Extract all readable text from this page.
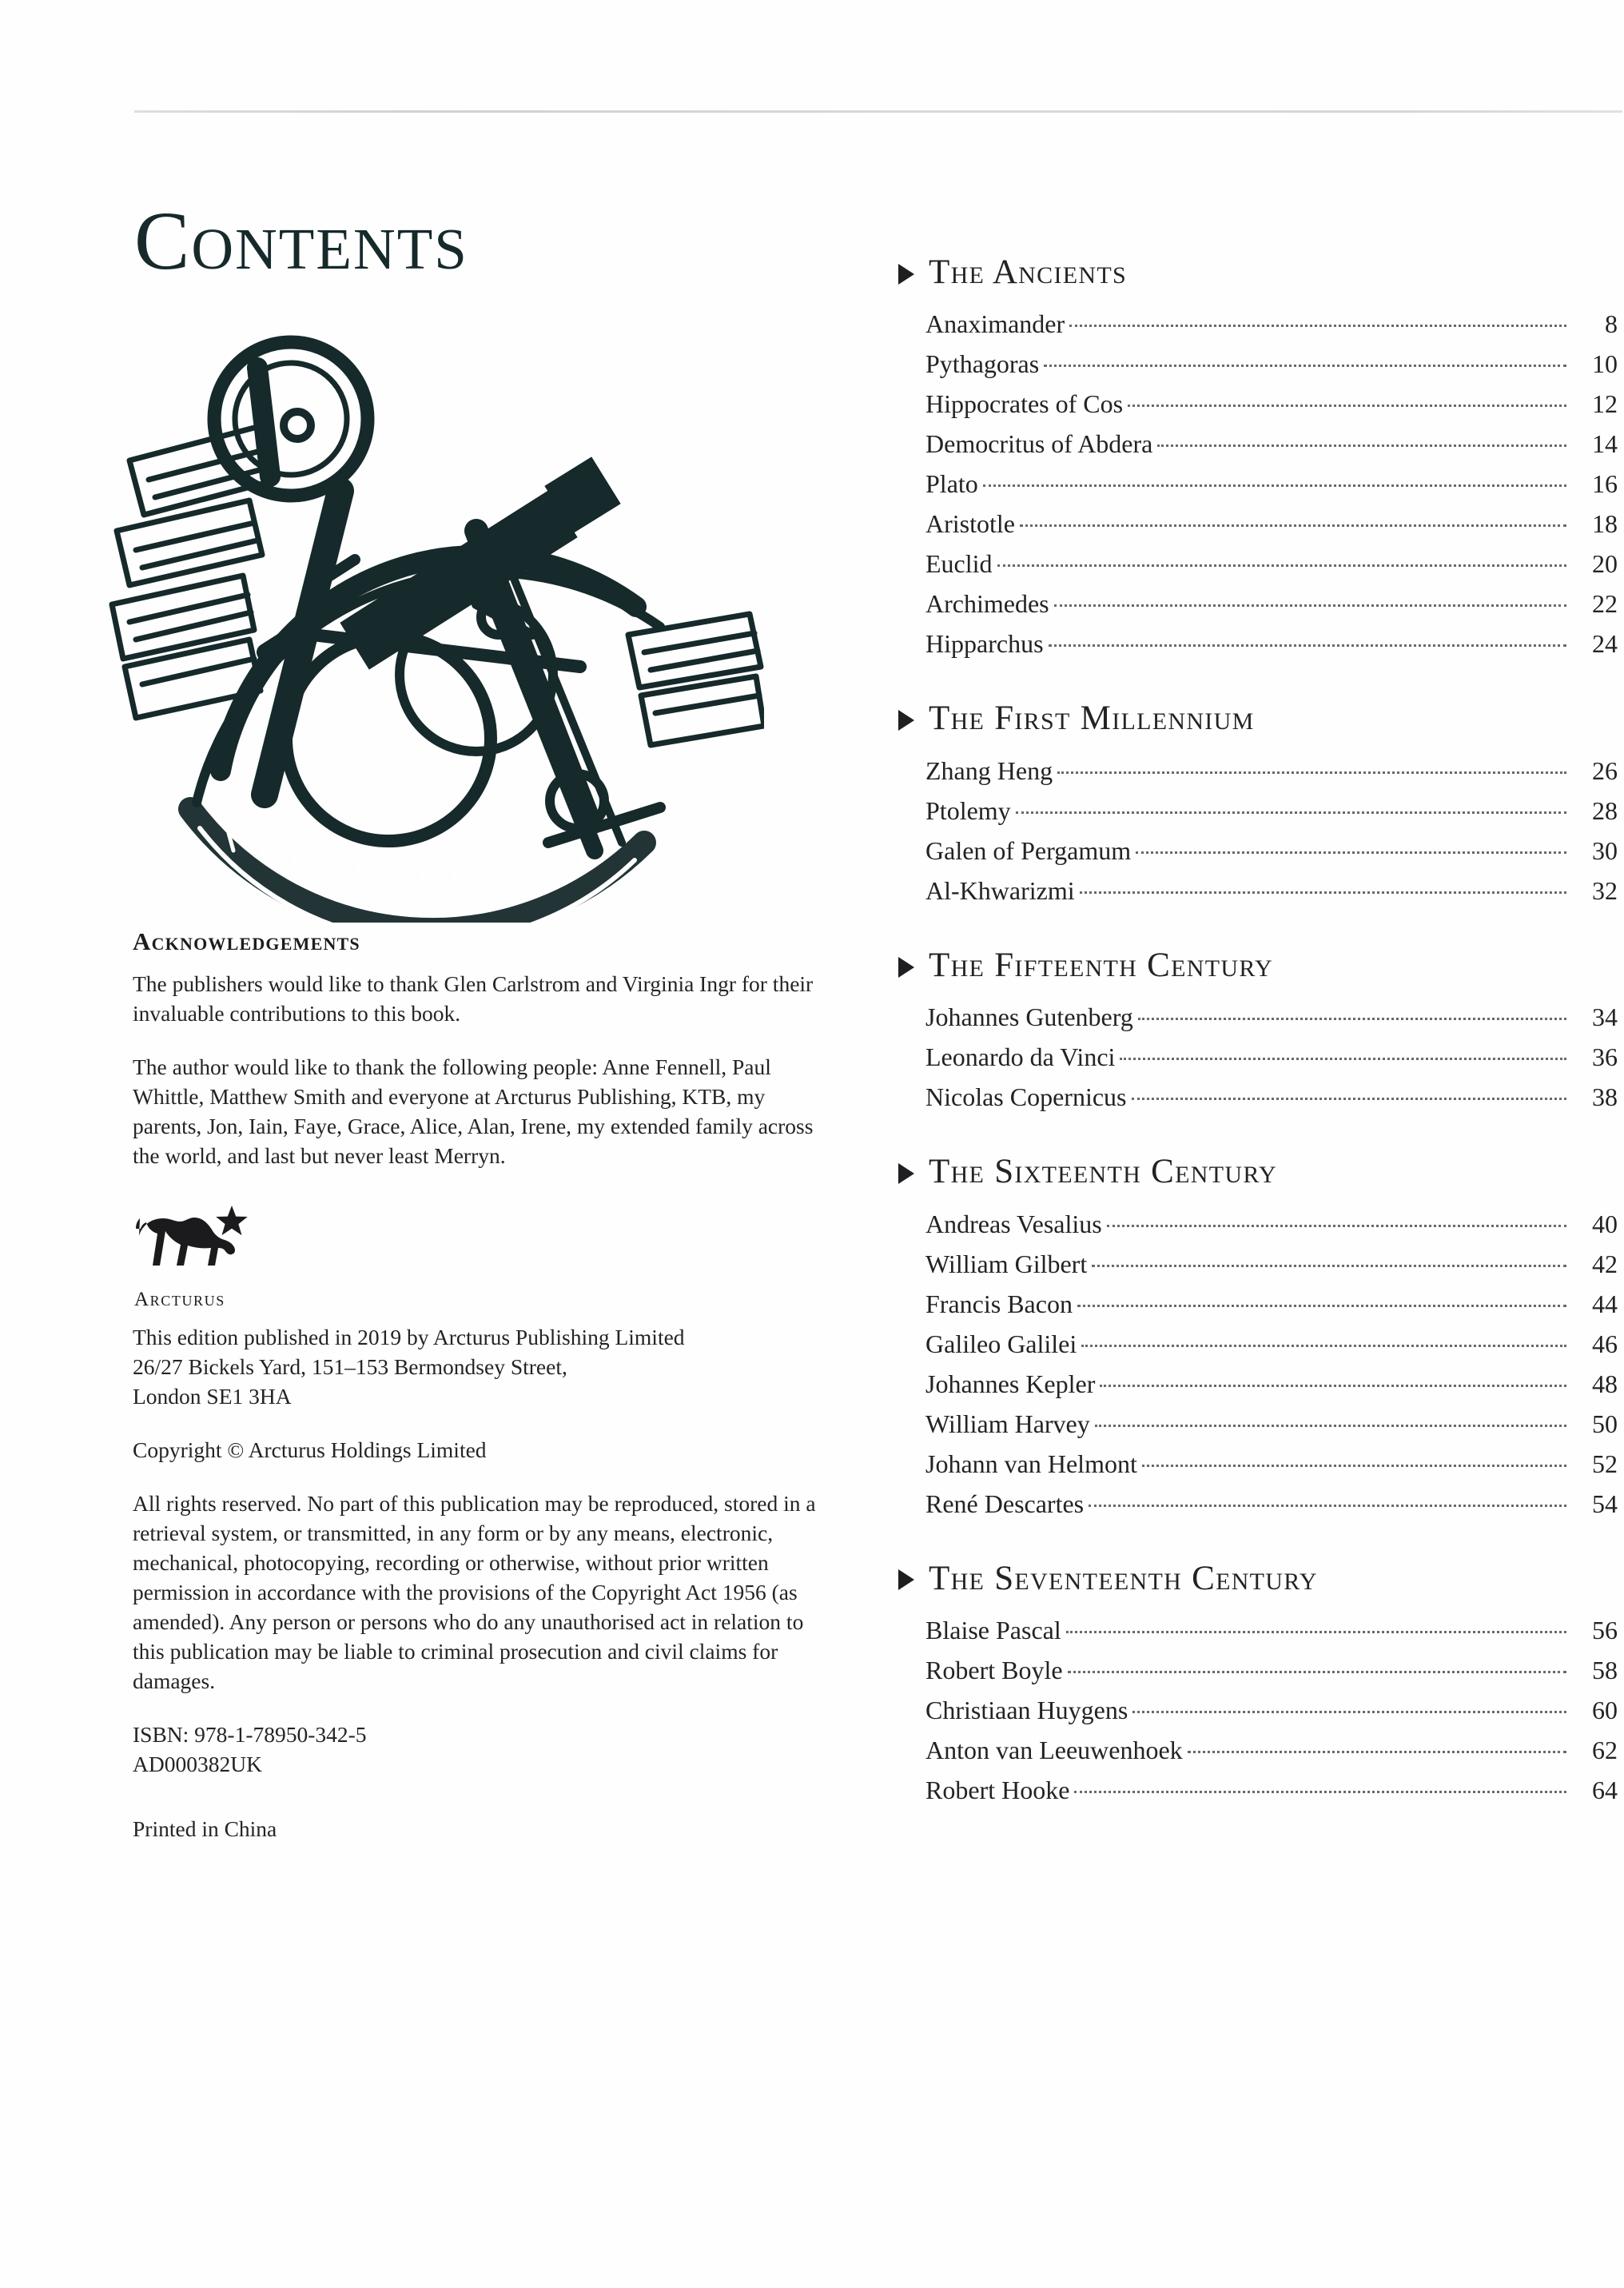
Contents
Acknowledgements

The publishers would like to thank Glen Carlstrom and Virginia Ingr for their invaluable contributions to this book.

The author would like to thank the following people: Anne Fennell, Paul Whittle, Matthew Smith and everyone at Arcturus Publishing, KTB, my parents, Jon, Iain, Faye, Grace, Alice, Alan, Irene, my extended family across the world, and last but never least Merryn.

Arcturus

This edition published in 2019 by Arcturus Publishing Limited
26/27 Bickels Yard, 151–153 Bermondsey Street,
London SE1 3HA

Copyright © Arcturus Holdings Limited

All rights reserved. No part of this publication may be reproduced, stored in a retrieval system, or transmitted, in any form or by any means, electronic, mechanical, photocopying, recording or otherwise, without prior written permission in accordance with the provisions of the Copyright Act 1956 (as amended). Any person or persons who do any unauthorised act in relation to this publication may be liable to criminal prosecution and civil claims for damages.

ISBN: 978-1-78950-342-5
AD000382UK

Printed in China

The Ancients
Anaximander	8
Pythagoras	10
Hippocrates of Cos	12
Democritus of Abdera	14
Plato	16
Aristotle	18
Euclid	20
Archimedes	22
Hipparchus	24
The First Millennium
Zhang Heng	26
Ptolemy	28
Galen of Pergamum	30
Al-Khwarizmi	32
The Fifteenth Century
Johannes Gutenberg	34
Leonardo da Vinci	36
Nicolas Copernicus	38
The Sixteenth Century
Andreas Vesalius	40
William Gilbert	42
Francis Bacon	44
Galileo Galilei	46
Johannes Kepler	48
William Harvey	50
Johann van Helmont	52
René Descartes	54
The Seventeenth Century
Blaise Pascal	56
Robert Boyle	58
Christiaan Huygens	60
Anton van Leeuwenhoek	62
Robert Hooke	64
